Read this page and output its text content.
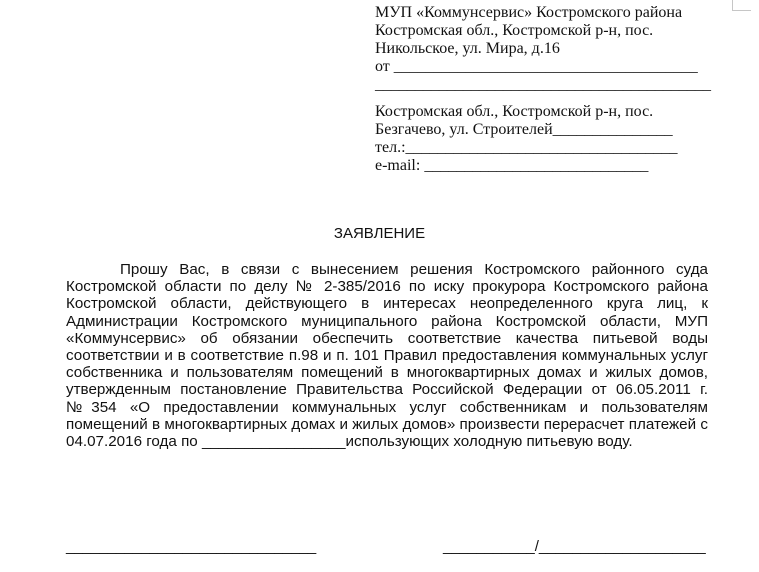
МУП «Коммунсервис» Костромского района
Костромская обл., Костромской р-н, пос.
Никольское, ул. Мира, д.16
от ______________________________________
__________________________________________
Костромская обл., Костромской р-н, пос.
Безгачево, ул. Строителей_______________
тел.:__________________________________
e-mail: ____________________________
ЗАЯВЛЕНИЕ
Прошу Вас, в связи с вынесением решения Костромского районного суда Костромской области по делу № 2-385/2016 по иску прокурора Костромского района Костромской области, действующего в интересах неопределенного круга лиц, к Администрации Костромского муниципального района Костромской области, МУП «Коммунсервис» об обязании обеспечить соответствие качества питьевой воды соответствии и в соответствие п.98 и п. 101 Правил предоставления коммунальных услуг собственника и пользователям помещений в многоквартирных домах и жилых домов, утвержденным постановление Правительства Российской Федерации от 06.05.2011 г. №354 «О предоставлении коммунальных услуг собственникам и пользователям помещений в многоквартирных домах и жилых домов» произвести перерасчет платежей с 04.07.2016 года по _________________использующих холодную питьевую воду.
______________________________	___________/____________________
